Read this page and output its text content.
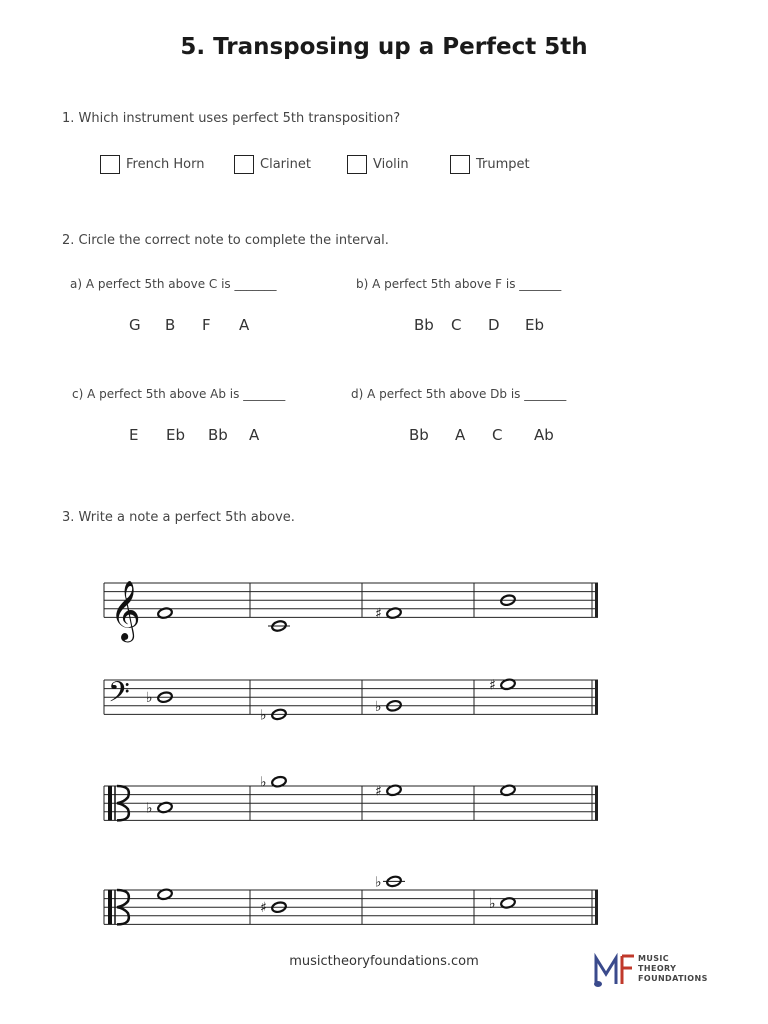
5. Transposing up a Perfect 5th
1. Which instrument uses perfect 5th transposition?
French Horn	Clarinet	Violin	Trumpet
2. Circle the correct note to complete the interval.
a) A perfect 5th above C is _______	b) A perfect 5th above F is _______
c) A perfect 5th above Ab is _______	d) A perfect 5th above Db is _______
G B F A	Bb C D Eb
E Eb Bb A	Bb A C Ab
3. Write a note a perfect 5th above.
𝄞	♯
𝄢 ♭
♭
♭
♯
♭
♭
♯
♯
♭
♭
musictheoryfoundations.com	MUSIC
THEORY
FOUNDATIONS
